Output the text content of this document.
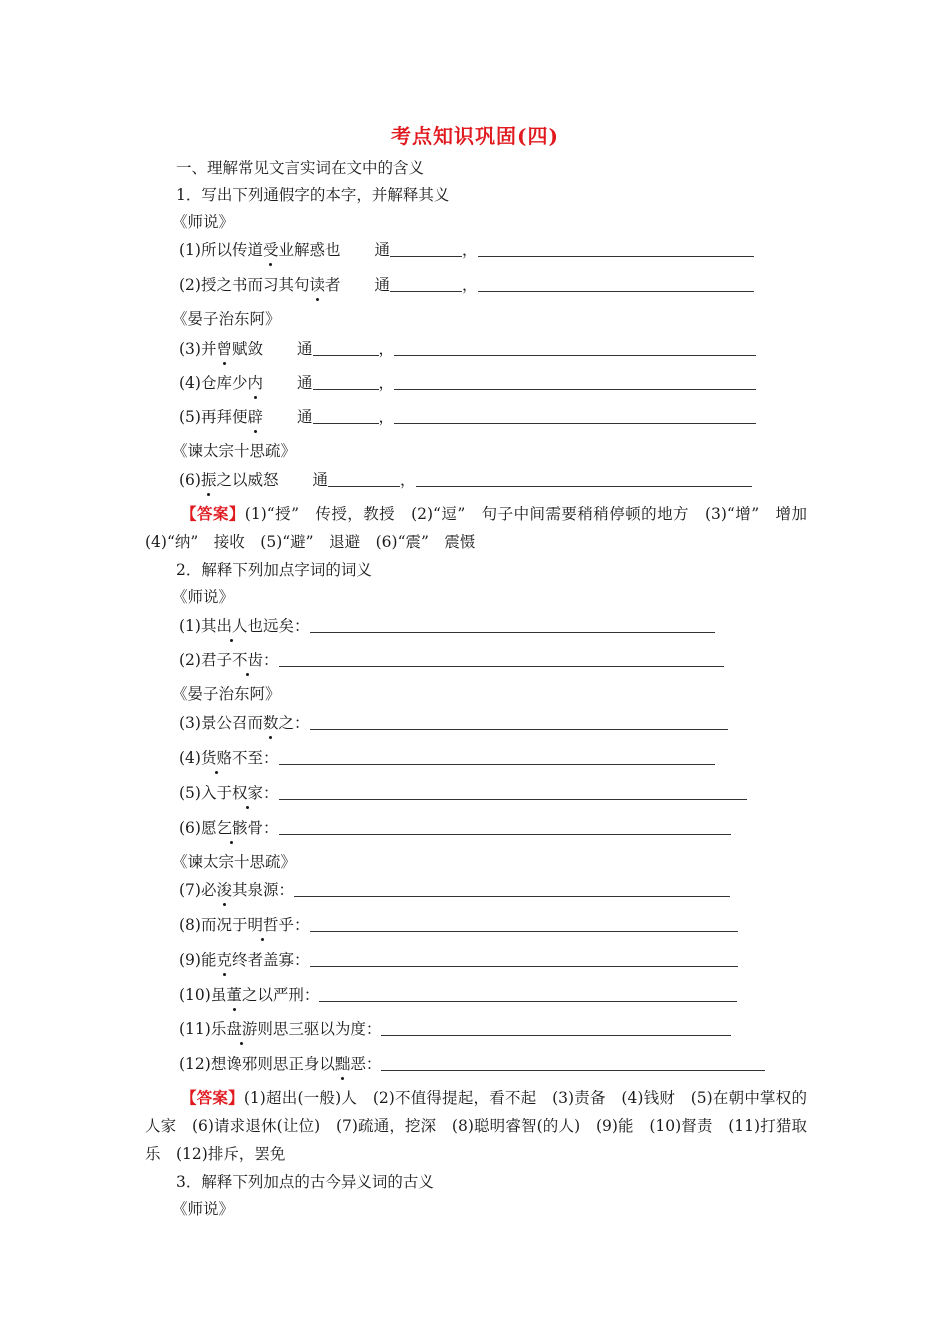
考点知识巩固(四)
一、理解常见文言实词在文中的含义
1．写出下列通假字的本字，并解释其义
《师说》
(1)所以传道受业解惑也 通	，
(2)授之书而习其句读者 通	，
《晏子治东阿》
(3)并曾赋敛 通	，
(4)仓库少内 通	，
(5)再拜便辟 通	，
《谏太宗十思疏》
(6)振之以威怒 通	，
【答案】(1)“授”　传授，教授　(2)“逗”　句子中间需要稍稍停顿的地方　(3)“增”　增加　(4)“纳”　接收　(5)“避”　退避　(6)“震”　震慑
2．解释下列加点字词的词义
《师说》
(1)其出人也远矣：
(2)君子不齿：
《晏子治东阿》
(3)景公召而数之：
(4)货赂不至：
(5)入于权家：
(6)愿乞骸骨：
《谏太宗十思疏》
(7)必浚其泉源：
(8)而况于明哲乎：
(9)能克终者盖寡：
(10)虽董之以严刑：
(11)乐盘游则思三驱以为度：
(12)想谗邪则思正身以黜恶：
【答案】(1)超出(一般)人　(2)不值得提起，看不起　(3)责备　(4)钱财　(5)在朝中掌权的人家　(6)请求退休(让位)　(7)疏通，挖深　(8)聪明睿智(的人)　(9)能　(10)督责　(11)打猎取乐　(12)排斥，罢免
3．解释下列加点的古今异义词的古义
《师说》
